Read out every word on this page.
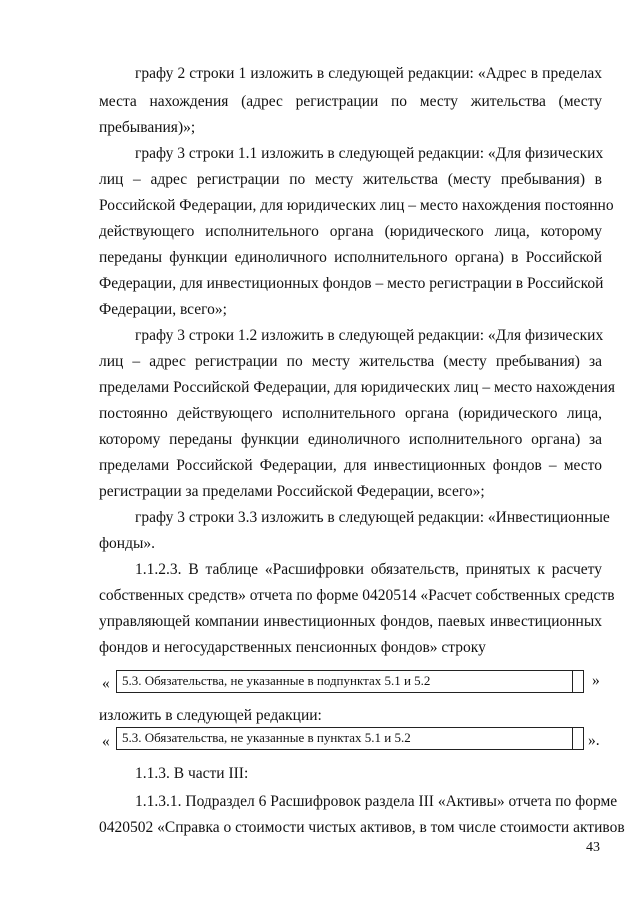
графу 2 строки 1 изложить в следующей редакции: «Адрес в пределах
места нахождения (адрес регистрации по месту жительства (месту
пребывания)»;
графу 3 строки 1.1 изложить в следующей редакции: «Для физических
лиц – адрес регистрации по месту жительства (месту пребывания) в
Российской Федерации, для юридических лиц – место нахождения постоянно
действующего исполнительного органа (юридического лица, которому
переданы функции единоличного исполнительного органа) в Российской
Федерации, для инвестиционных фондов – место регистрации в Российской
Федерации, всего»;
графу 3 строки 1.2 изложить в следующей редакции: «Для физических
лиц – адрес регистрации по месту жительства (месту пребывания) за
пределами Российской Федерации, для юридических лиц – место нахождения
постоянно действующего исполнительного органа (юридического лица,
которому переданы функции единоличного исполнительного органа) за
пределами Российской Федерации, для инвестиционных фондов – место
регистрации за пределами Российской Федерации, всего»;
графу 3 строки 3.3 изложить в следующей редакции: «Инвестиционные
фонды».
1.1.2.3. В таблице «Расшифровки обязательств, принятых к расчету
собственных средств» отчета по форме 0420514 «Расчет собственных средств
управляющей компании инвестиционных фондов, паевых инвестиционных
фондов и негосударственных пенсионных фондов» строку
« 5.3. Обязательства, не указанные в подпунктах 5.1 и 5.2	»
изложить в следующей редакции:
« 5.3. Обязательства, не указанные в пунктах 5.1 и 5.2	».
1.1.3. В части III:
1.1.3.1. Подраздел 6 Расшифровок раздела III «Активы» отчета по форме
0420502 «Справка о стоимости чистых активов, в том числе стоимости активов
43
